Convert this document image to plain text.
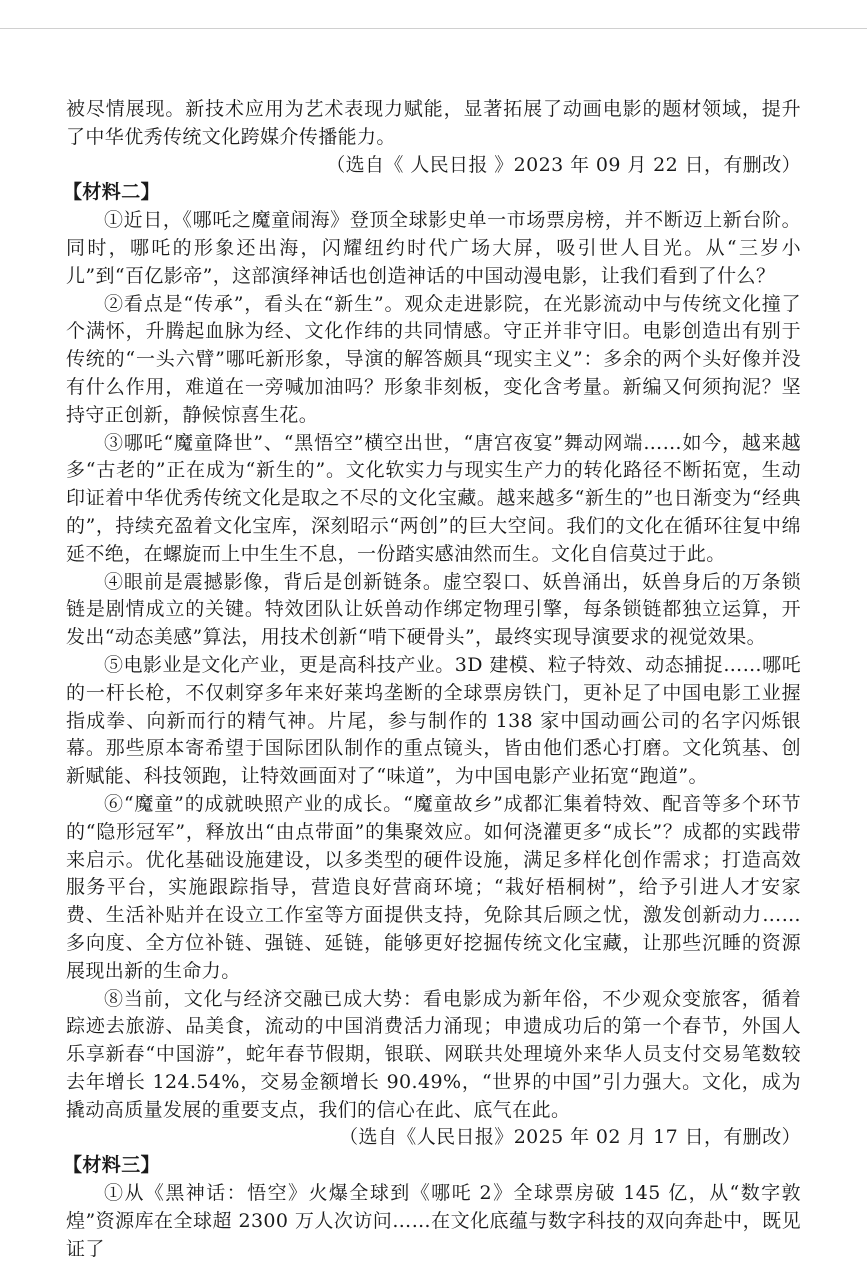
被尽情展现。新技术应用为艺术表现力赋能，显著拓展了动画电影的题材领域，提升了中华优秀传统文化跨媒介传播能力。

（选自《 人民日报 》2023 年 09 月 22 日，有删改）

【材料二】

①近日，《哪吒之魔童闹海》登顶全球影史单一市场票房榜，并不断迈上新台阶。同时，哪吒的形象还出海，闪耀纽约时代广场大屏，吸引世人目光。从“三岁小儿”到“百亿影帝”，这部演绎神话也创造神话的中国动漫电影，让我们看到了什么？

②看点是“传承”，看头在“新生”。观众走进影院，在光影流动中与传统文化撞了个满怀，升腾起血脉为经、文化作纬的共同情感。守正并非守旧。电影创造出有别于传统的“一头六臂”哪吒新形象，导演的解答颇具“现实主义”：多余的两个头好像并没有什么作用，难道在一旁喊加油吗？形象非刻板，变化含考量。新编又何须拘泥？坚持守正创新，静候惊喜生花。

③哪吒“魔童降世”、“黑悟空”横空出世，“唐宫夜宴”舞动网端……如今，越来越多“古老的”正在成为“新生的”。文化软实力与现实生产力的转化路径不断拓宽，生动印证着中华优秀传统文化是取之不尽的文化宝藏。越来越多“新生的”也日渐变为“经典的”，持续充盈着文化宝库，深刻昭示“两创”的巨大空间。我们的文化在循环往复中绵延不绝，在螺旋而上中生生不息，一份踏实感油然而生。文化自信莫过于此。

④眼前是震撼影像，背后是创新链条。虚空裂口、妖兽涌出，妖兽身后的万条锁链是剧情成立的关键。特效团队让妖兽动作绑定物理引擎，每条锁链都独立运算，开发出“动态美感”算法，用技术创新“啃下硬骨头”，最终实现导演要求的视觉效果。

⑤电影业是文化产业，更是高科技产业。3D 建模、粒子特效、动态捕捉……哪吒的一杆长枪，不仅刺穿多年来好莱坞垄断的全球票房铁门，更补足了中国电影工业握指成拳、向新而行的精气神。片尾，参与制作的 138 家中国动画公司的名字闪烁银幕。那些原本寄希望于国际团队制作的重点镜头，皆由他们悉心打磨。文化筑基、创新赋能、科技领跑，让特效画面对了“味道”，为中国电影产业拓宽“跑道”。

⑥“魔童”的成就映照产业的成长。“魔童故乡”成都汇集着特效、配音等多个环节的“隐形冠军”，释放出“由点带面”的集聚效应。如何浇灌更多“成长”？成都的实践带来启示。优化基础设施建设，以多类型的硬件设施，满足多样化创作需求；打造高效服务平台，实施跟踪指导，营造良好营商环境；“栽好梧桐树”，给予引进人才安家费、生活补贴并在设立工作室等方面提供支持，免除其后顾之忧，激发创新动力……多向度、全方位补链、强链、延链，能够更好挖掘传统文化宝藏，让那些沉睡的资源展现出新的生命力。

⑧当前，文化与经济交融已成大势：看电影成为新年俗，不少观众变旅客，循着踪迹去旅游、品美食，流动的中国消费活力涌现；申遗成功后的第一个春节，外国人乐享新春“中国游”，蛇年春节假期，银联、网联共处理境外来华人员支付交易笔数较去年增长 124.54%，交易金额增长 90.49%，“世界的中国”引力强大。文化，成为撬动高质量发展的重要支点，我们的信心在此、底气在此。

（选自《人民日报》2025 年 02 月 17 日，有删改）

【材料三】

①从《黑神话：悟空》火爆全球到《哪吒 2》全球票房破 145 亿，从“数字敦煌”资源库在全球超 2300 万人次访问……在文化底蕴与数字科技的双向奔赴中，既见证了
